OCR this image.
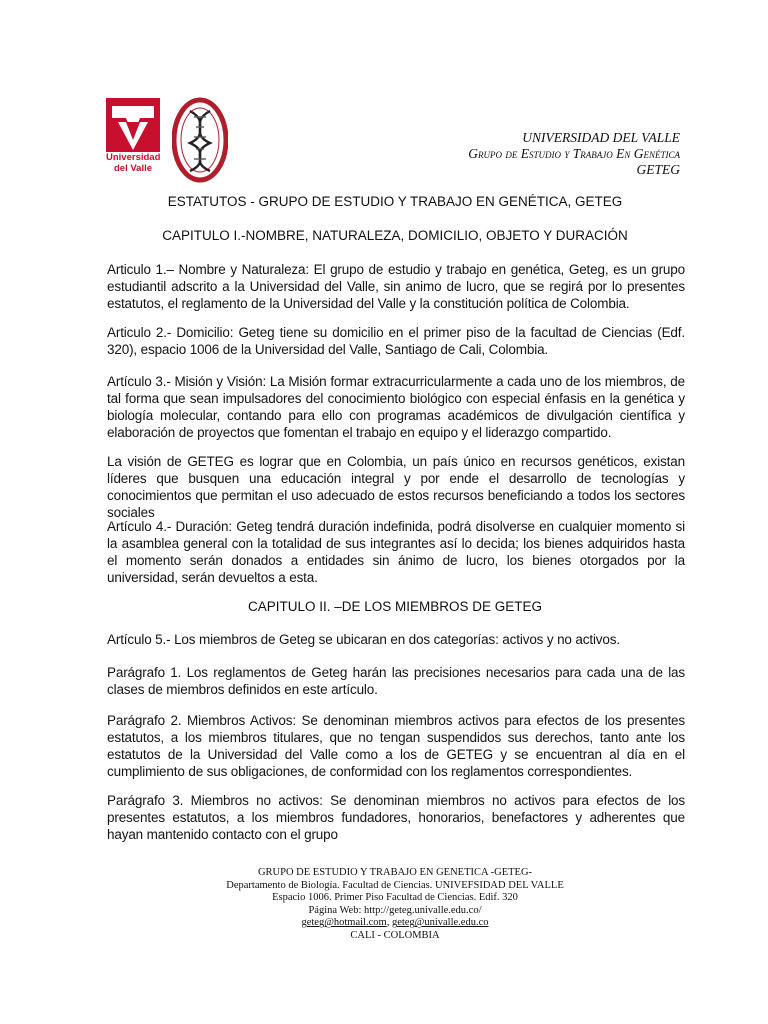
Universidad
del Valle
UNIVERSIDAD DEL VALLE
Grupo de Estudio y Trabajo En Genética
GETEG
ESTATUTOS - GRUPO DE ESTUDIO Y TRABAJO EN GENÉTICA, GETEG
CAPITULO I.-NOMBRE, NATURALEZA, DOMICILIO, OBJETO Y DURACIÓN
Articulo 1.– Nombre y Naturaleza: El grupo de estudio y trabajo en genética, Geteg, es un grupo estudiantil adscrito a la Universidad del Valle, sin animo de lucro, que se regirá por lo presentes estatutos, el reglamento de la Universidad del Valle y la constitución política de Colombia.
Articulo 2.- Domicilio: Geteg tiene su domicilio en el primer piso de la facultad de Ciencias (Edf. 320), espacio 1006 de la Universidad del Valle, Santiago de Cali, Colombia.
Artículo 3.- Misión y Visión: La Misión formar extracurricularmente a cada uno de los miembros, de tal forma que sean impulsadores del conocimiento biológico con especial énfasis en la genética y biología molecular, contando para ello con programas académicos de divulgación científica y elaboración de proyectos que fomentan el trabajo en equipo y el liderazgo compartido.
La visión de GETEG es lograr que en Colombia, un país único en recursos genéticos, existan líderes que busquen una educación integral y por ende el desarrollo de tecnologías y conocimientos que permitan el uso adecuado de estos recursos beneficiando a todos los sectores sociales
Artículo 4.- Duración: Geteg tendrá duración indefinida, podrá disolverse en cualquier momento si la asamblea general con la totalidad de sus integrantes así lo decida; los bienes adquiridos hasta el momento serán donados a entidades sin ánimo de lucro, los bienes otorgados por la universidad, serán devueltos a esta.
CAPITULO II. –DE LOS MIEMBROS DE GETEG
Artículo 5.- Los miembros de Geteg se ubicaran en dos categorías: activos y no activos.
Parágrafo 1. Los reglamentos de Geteg harán las precisiones necesarios para cada una de las clases de miembros definidos en este artículo.
Parágrafo 2. Miembros Activos: Se denominan miembros activos para efectos de los presentes estatutos, a los miembros titulares, que no tengan suspendidos sus derechos, tanto ante los estatutos de la Universidad del Valle como a los de GETEG y se encuentran al día en el cumplimiento de sus obligaciones, de conformidad con los reglamentos correspondientes.
Parágrafo 3. Miembros no activos: Se denominan miembros no activos para efectos de los presentes estatutos, a los miembros fundadores, honorarios, benefactores y adherentes que hayan mantenido contacto con el grupo
GRUPO DE ESTUDIO Y TRABAJO EN GENETICA -GETEG-
Departamento de Biología. Facultad de Ciencias. UNIVEFSIDAD DEL VALLE
Espacio 1006. Primer Piso Facultad de Ciencias. Edif. 320
Página Web: http://geteg.univalle.edu.co/
geteg@hotmail.com, geteg@univalle.edu.co
CALI - COLOMBIA
